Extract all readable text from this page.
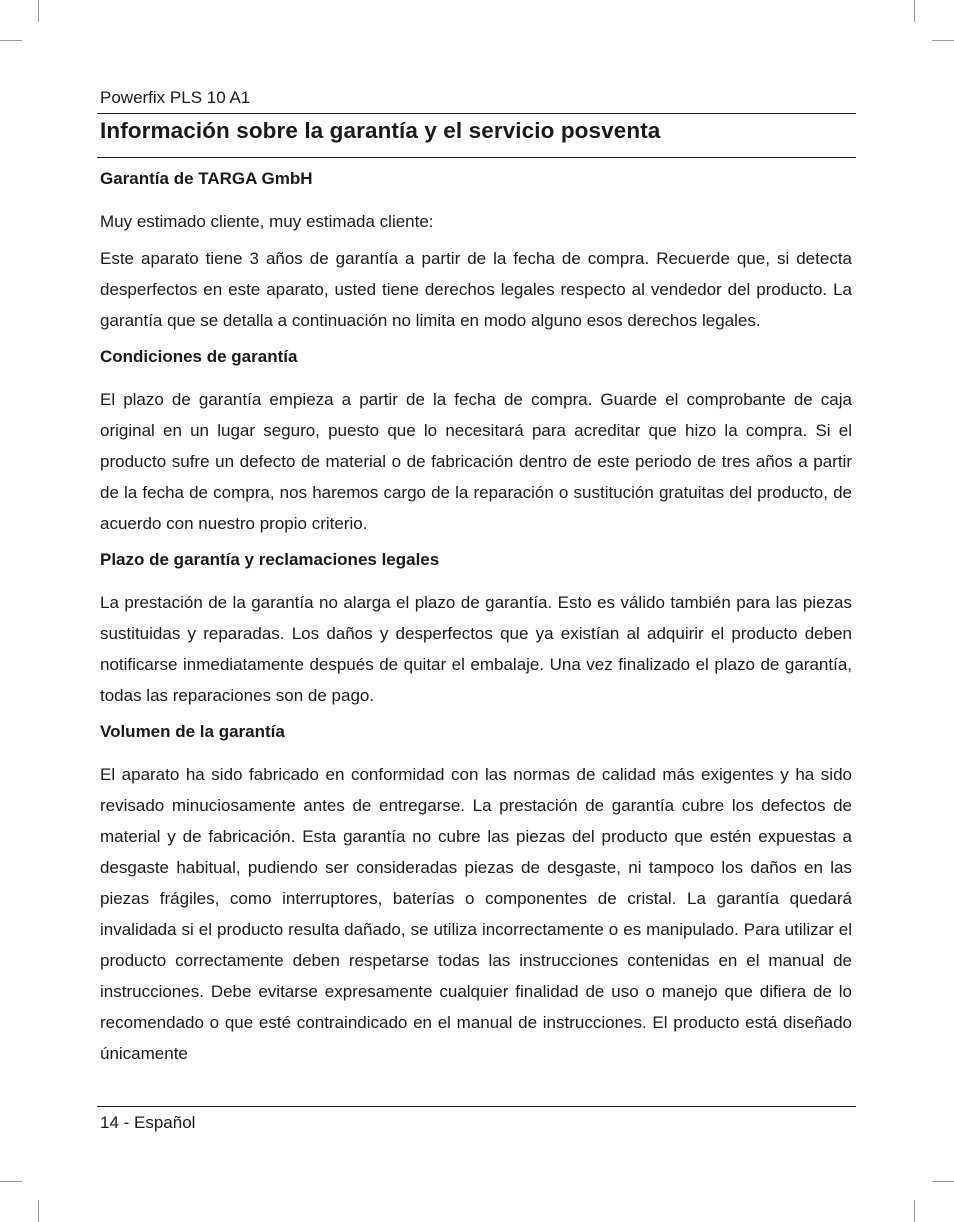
Powerfix PLS 10 A1
Información sobre la garantía y el servicio posventa
Garantía de TARGA GmbH

Muy estimado cliente, muy estimada cliente:

Este aparato tiene 3 años de garantía a partir de la fecha de compra. Recuerde que, si detecta desperfectos en este aparato, usted tiene derechos legales respecto al vendedor del producto. La garantía que se detalla a continuación no limita en modo alguno esos derechos legales.

Condiciones de garantía

El plazo de garantía empieza a partir de la fecha de compra. Guarde el comprobante de caja original en un lugar seguro, puesto que lo necesitará para acreditar que hizo la compra. Si el producto sufre un defecto de material o de fabricación dentro de este periodo de tres años a partir de la fecha de compra, nos haremos cargo de la reparación o sustitución gratuitas del producto, de acuerdo con nuestro propio criterio.

Plazo de garantía y reclamaciones legales

La prestación de la garantía no alarga el plazo de garantía. Esto es válido también para las piezas sustituidas y reparadas. Los daños y desperfectos que ya existían al adquirir el producto deben notificarse inmediatamente después de quitar el embalaje. Una vez finalizado el plazo de garantía, todas las reparaciones son de pago.

Volumen de la garantía

El aparato ha sido fabricado en conformidad con las normas de calidad más exigentes y ha sido revisado minuciosamente antes de entregarse. La prestación de garantía cubre los defectos de material y de fabricación. Esta garantía no cubre las piezas del producto que estén expuestas a desgaste habitual, pudiendo ser consideradas piezas de desgaste, ni tampoco los daños en las piezas frágiles, como interruptores, baterías o componentes de cristal. La garantía quedará invalidada si el producto resulta dañado, se utiliza incorrectamente o es manipulado. Para utilizar el producto correctamente deben respetarse todas las instrucciones contenidas en el manual de instrucciones. Debe evitarse expresamente cualquier finalidad de uso o manejo que difiera de lo recomendado o que esté contraindicado en el manual de instrucciones. El producto está diseñado únicamente

14 - Español
